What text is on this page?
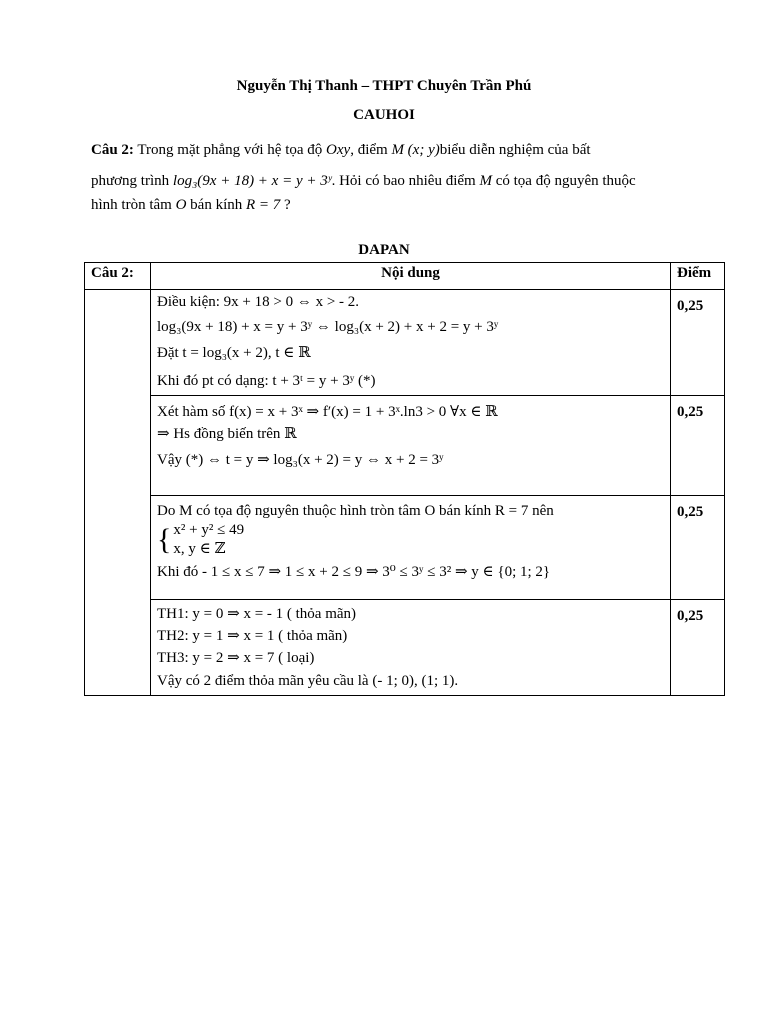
Nguyễn Thị Thanh – THPT Chuyên Trần Phú
CAUHOI
Câu 2: Trong mặt phẳng với hệ tọa độ Oxy, điểm M (x; y)biểu diễn nghiệm của bất
phương trình log₃(9x + 18) + x = y + 3ʸ. Hỏi có bao nhiêu điểm M có tọa độ nguyên thuộc
hình tròn tâm O bán kính R = 7 ?
DAPAN
Câu 2:	Nội dung	Điểm

	Điều kiện: 9x + 18 > 0 ⇔ x > - 2.
log₃(9x + 18) + x = y + 3ʸ ⇔ log₃(x + 2) + x + 2 = y + 3ʸ
Đặt t = log₃(x + 2), t ∈ ℝ
Khi đó pt có dạng: t + 3ᵗ = y + 3ʸ (*)	0,25

	Xét hàm số f(x) = x + 3ˣ ⇒ f′(x) = 1 + 3ˣ.ln3 > 0 ∀x ∈ ℝ
⇒ Hs đồng biến trên ℝ
Vậy (*) ⇔ t = y ⇒ log₃(x + 2) = y ⇔ x + 2 = 3ʸ	0,25

	Do M có tọa độ nguyên thuộc hình tròn tâm O bán kính R = 7 nên
{ x² + y² ≤ 49
x, y ∈ ℤ
Khi đó - 1 ≤ x ≤ 7 ⇒ 1 ≤ x + 2 ≤ 9 ⇒ 3⁰ ≤ 3ʸ ≤ 3² ⇒ y ∈ {0; 1; 2}	0,25

	TH1: y = 0 ⇒ x = - 1 ( thỏa mãn)
TH2: y = 1 ⇒ x = 1 ( thỏa mãn)
TH3: y = 2 ⇒ x = 7 ( loại)
Vậy có 2 điểm thỏa mãn yêu cầu là (- 1; 0), (1; 1).	0,25
